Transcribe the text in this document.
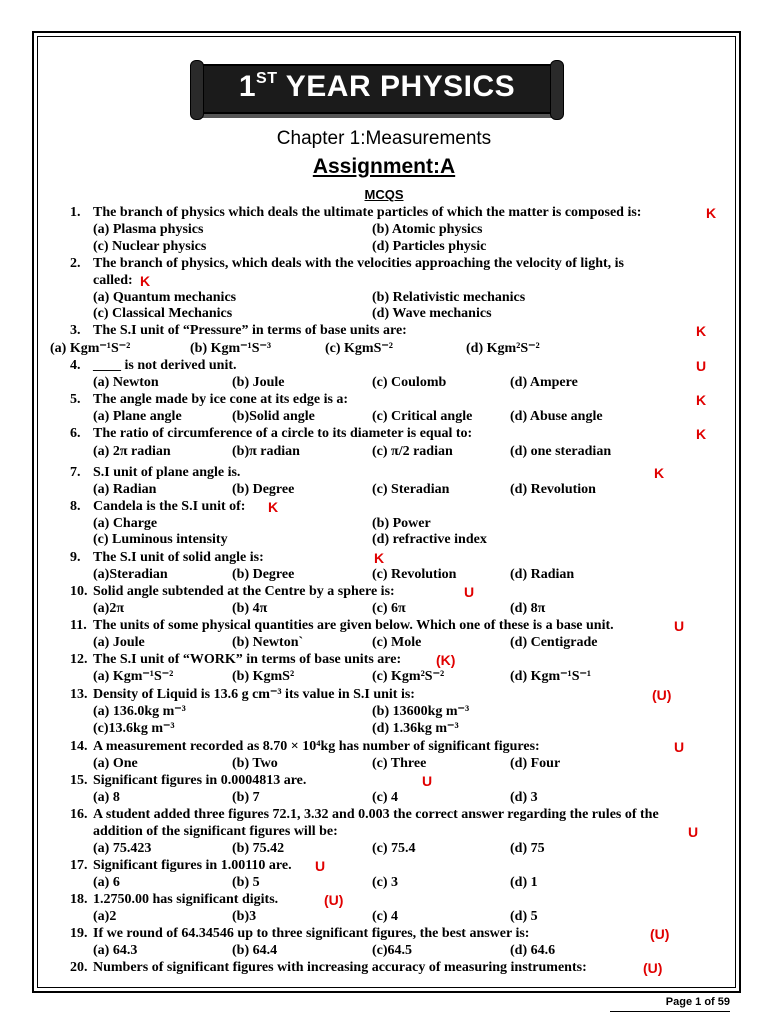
1ST YEAR PHYSICS
Chapter 1:Measurements
Assignment:A
MCQS
1. The branch of physics which deals the ultimate particles of which the matter is composed is:	K
(a) Plasma physics	(b) Atomic physics
(c) Nuclear physics	(d) Particles physic
2. The branch of physics, which deals with the velocities approaching the velocity of light, is
called: K
(a) Quantum mechanics	(b) Relativistic mechanics
(c) Classical Mechanics	(d) Wave mechanics
3. The S.I unit of “Pressure” in terms of base units are:	K
(a) Kgm⁻¹S⁻²	(b) Kgm⁻¹S⁻³	(c) KgmS⁻²	(d) Kgm²S⁻²
4. ____ is not derived unit.	U
(a) Newton	(b) Joule	(c) Coulomb	(d) Ampere
5. The angle made by ice cone at its edge is a:	K
(a) Plane angle	(b)Solid angle	(c) Critical angle	(d) Abuse angle
6. The ratio of circumference of a circle to its diameter is equal to:	K
(a) 2π radian	(b)π radian	(c) π/2 radian	(d) one steradian
7. S.I unit of plane angle is.	K
(a) Radian	(b) Degree	(c) Steradian	(d) Revolution
8. Candela is the S.I unit of: K
(a) Charge	(b) Power
(c) Luminous intensity	(d) refractive index
9. The S.I unit of solid angle is:	K
(a)Steradian	(b) Degree	(c) Revolution	(d) Radian
10. Solid angle subtended at the Centre by a sphere is:	U
(a)2π	(b) 4π	(c) 6π	(d) 8π
11. The units of some physical quantities are given below. Which one of these is a base unit.	U
(a) Joule	(b) Newton`	(c) Mole	(d) Centigrade
12. The S.I unit of “WORK” in terms of base units are: (K)
(a) Kgm⁻¹S⁻²	(b) KgmS²	(c) Kgm²S⁻²	(d) Kgm⁻¹S⁻¹
13. Density of Liquid is 13.6 g cm⁻³ its value in S.I unit is:	(U)
(a) 136.0kg m⁻³	(b) 13600kg m⁻³
(c)13.6kg m⁻³	(d) 1.36kg m⁻³
14. A measurement recorded as 8.70 × 10⁴kg has number of significant figures:	U
(a) One	(b) Two	(c) Three	(d) Four
15. Significant figures in 0.0004813 are.	U
(a) 8	(b) 7	(c) 4	(d) 3
16. A student added three figures 72.1, 3.32 and 0.003 the correct answer regarding the rules of the
addition of the significant figures will be:	U
(a) 75.423	(b) 75.42	(c) 75.4	(d) 75
17. Significant figures in 1.00110 are. U
(a) 6	(b) 5	(c) 3	(d) 1
18. 1.2750.00 has significant digits.	(U)
(a)2	(b)3	(c) 4	(d) 5
19. If we round of 64.34546 up to three significant figures, the best answer is:	(U)
(a) 64.3	(b) 64.4	(c)64.5	(d) 64.6
20. Numbers of significant figures with increasing accuracy of measuring instruments:	(U)
Page 1 of 59
